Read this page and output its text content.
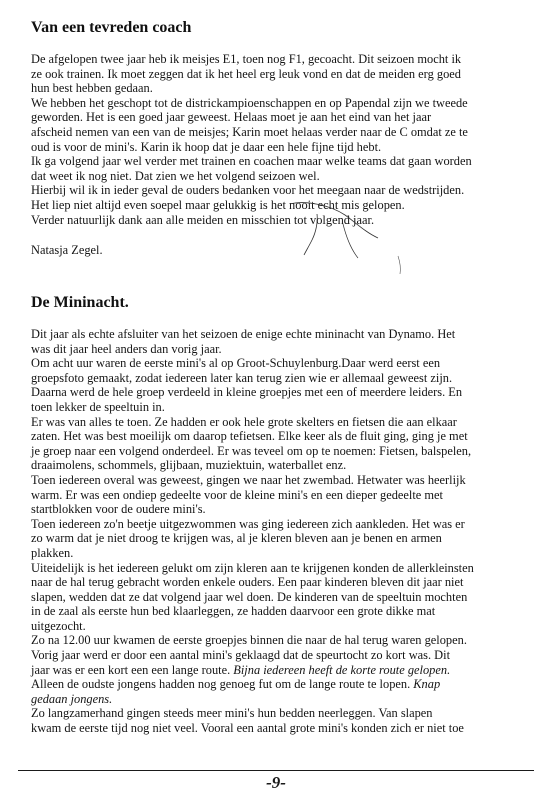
Van een tevreden coach
De afgelopen twee jaar heb ik meisjes E1, toen nog F1, gecoacht. Dit seizoen mocht ik
ze ook trainen. Ik moet zeggen dat ik het heel erg leuk vond en dat de meiden erg goed
hun best hebben gedaan.
We hebben het geschopt tot de districkampioenschappen en op Papendal zijn we tweede
geworden. Het is een goed jaar geweest. Helaas moet je aan het eind van het jaar
afscheid nemen van een van de meisjes; Karin moet helaas verder naar de C omdat ze te
oud is voor de mini's. Karin ik hoop dat je daar een hele fijne tijd hebt.
Ik ga volgend jaar wel verder met trainen en coachen maar welke teams dat gaan worden
dat weet ik nog niet. Dat zien we het volgend seizoen wel.
Hierbij wil ik in ieder geval de ouders bedanken voor het meegaan naar de wedstrijden.
Het liep niet altijd even soepel maar gelukkig is het nooit echt mis gelopen.
Verder natuurlijk dank aan alle meiden en misschien tot volgend jaar.
Natasja Zegel.
De Mininacht.
Dit jaar als echte afsluiter van het seizoen de enige echte mininacht van Dynamo. Het
was dit jaar heel anders dan vorig jaar.
Om acht uur waren de eerste mini's al op Groot-Schuylenburg.Daar werd eerst een
groepsfoto gemaakt, zodat iedereen later kan terug zien wie er allemaal geweest zijn.
Daarna werd de hele groep verdeeld in kleine groepjes met een of meerdere leiders. En
toen lekker de speeltuin in.
Er was van alles te toen. Ze hadden er ook hele grote skelters en fietsen die aan elkaar
zaten. Het was best moeilijk om daarop tefietsen. Elke keer als de fluit ging, ging je met
je groep naar een volgend onderdeel. Er was teveel om op te noemen: Fietsen, balspelen,
draaimolens, schommels, glijbaan, muziektuin, waterballet enz.
Toen iedereen overal was geweest, gingen we naar het zwembad. Hetwater was heerlijk
warm. Er was een ondiep gedeelte voor de kleine mini's en een dieper gedeelte met
startblokken voor de oudere mini's.
Toen iedereen zo'n beetje uitgezwommen was ging iedereen zich aankleden. Het was er
zo warm dat je niet droog te krijgen was, al je kleren bleven aan je benen en armen
plakken.
Uiteidelijk is het iedereen gelukt om zijn kleren aan te krijgenen konden de allerkleinsten
naar de hal terug gebracht worden enkele ouders. Een paar kinderen bleven dit jaar niet
slapen, wedden dat ze dat volgend jaar wel doen. De kinderen van de speeltuin mochten
in de zaal als eerste hun bed klaarleggen, ze hadden daarvoor een grote dikke mat
uitgezocht.
Zo na 12.00 uur kwamen de eerste groepjes binnen die naar de hal terug waren gelopen.
Vorig jaar werd er door een aantal mini's geklaagd dat de speurtocht zo kort was. Dit
jaar was er een kort een een lange route. Bijna iedereen heeft de korte route gelopen.
Alleen de oudste jongens hadden nog genoeg fut om de lange route te lopen. Knap
gedaan jongens.
Zo langzamerhand gingen steeds meer mini's hun bedden neerleggen. Van slapen
kwam de eerste tijd nog niet veel. Vooral een aantal grote mini's konden zich er niet toe
-9-
